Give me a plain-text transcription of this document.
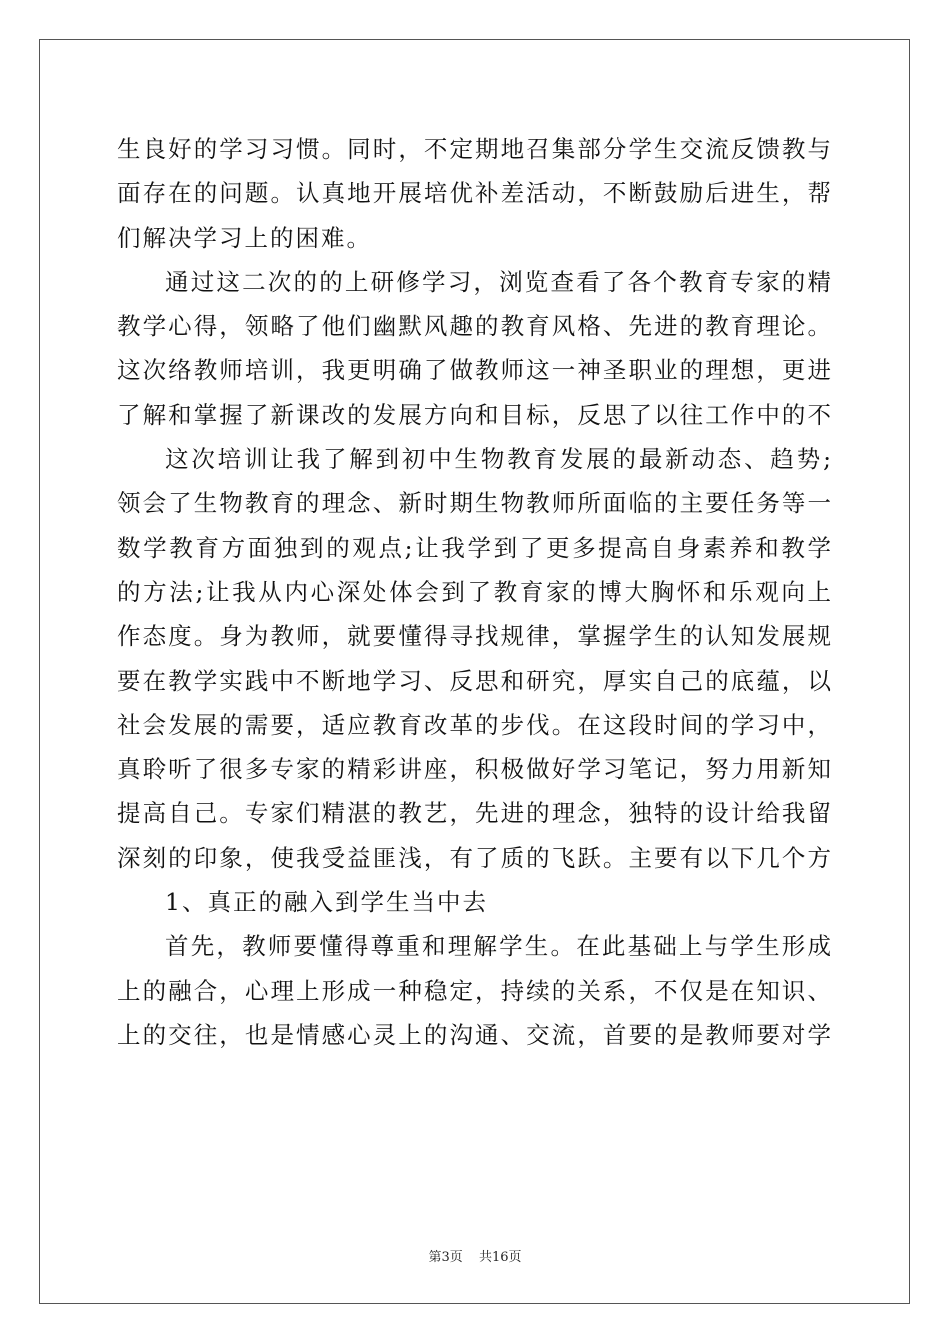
生良好的学习习惯。同时，不定期地召集部分学生交流反馈教与
面存在的问题。认真地开展培优补差活动，不断鼓励后进生，帮
们解决学习上的困难。
通过这二次的的上研修学习，浏览查看了各个教育专家的精
教学心得，领略了他们幽默风趣的教育风格、先进的教育理论。
这次络教师培训，我更明确了做教师这一神圣职业的理想，更进
了解和掌握了新课改的发展方向和目标，反思了以往工作中的不
这次培训让我了解到初中生物教育发展的最新动态、趋势;
领会了生物教育的理念、新时期生物教师所面临的主要任务等一
数学教育方面独到的观点;让我学到了更多提高自身素养和教学
的方法;让我从内心深处体会到了教育家的博大胸怀和乐观向上
作态度。身为教师，就要懂得寻找规律，掌握学生的认知发展规
要在教学实践中不断地学习、反思和研究，厚实自己的底蕴，以
社会发展的需要，适应教育改革的步伐。在这段时间的学习中，
真聆听了很多专家的精彩讲座，积极做好学习笔记，努力用新知
提高自己。专家们精湛的教艺，先进的理念，独特的设计给我留
深刻的印象，使我受益匪浅，有了质的飞跃。主要有以下几个方
1、真正的融入到学生当中去
首先，教师要懂得尊重和理解学生。在此基础上与学生形成
上的融合，心理上形成一种稳定，持续的关系，不仅是在知识、
上的交往，也是情感心灵上的沟通、交流，首要的是教师要对学
第3页 共16页
